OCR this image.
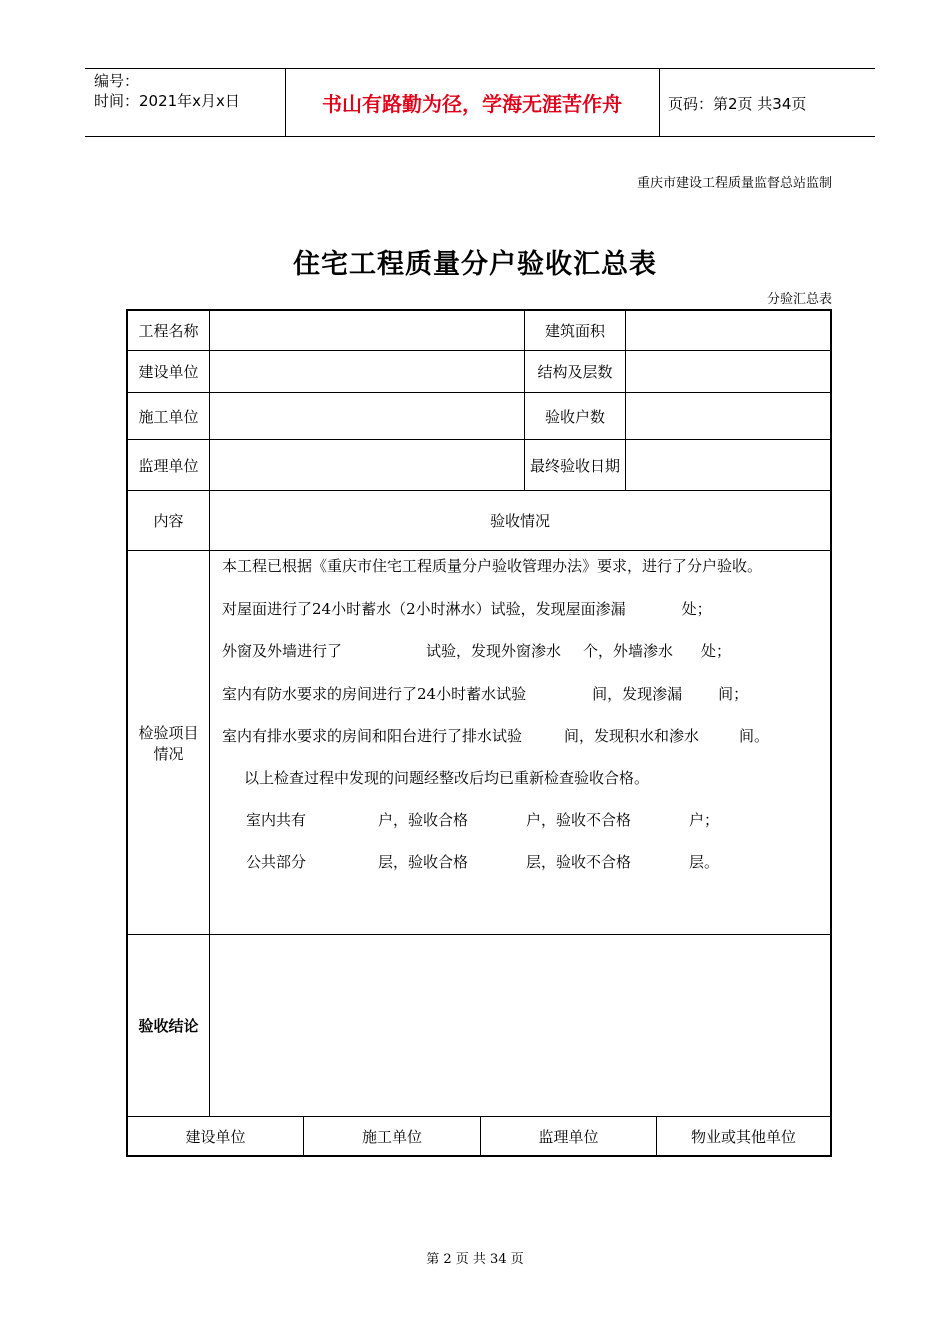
编号：
时间：2021年x月x日	书山有路勤为径，学海无涯苦作舟	页码：第2页 共34页
重庆市建设工程质量监督总站监制
住宅工程质量分户验收汇总表
分验汇总表
工程名称	建筑面积
建设单位	结构及层数
施工单位	验收户数
监理单位	最终验收日期
内容	验收情况
检验项目
情况
本工程已根据《重庆市住宅工程质量分户验收管理办法》要求，进行了分户验收。
对屋面进行了24小时蓄水（2小时淋水）试验，发现屋面渗漏	处；
外窗及外墙进行了	试验，发现外窗渗水 个，外墙渗水 处；
室内有防水要求的房间进行了24小时蓄水试验	间，发现渗漏 间；
室内有排水要求的房间和阳台进行了排水试验	间，发现积水和渗水	间。
以上检查过程中发现的问题经整改后均已重新检查验收合格。
室内共有	户，验收合格	户，验收不合格	户；
公共部分	层，验收合格	层，验收不合格	层。
验收结论
建设单位	施工单位	监理单位	物业或其他单位
第 2 页 共 34 页
